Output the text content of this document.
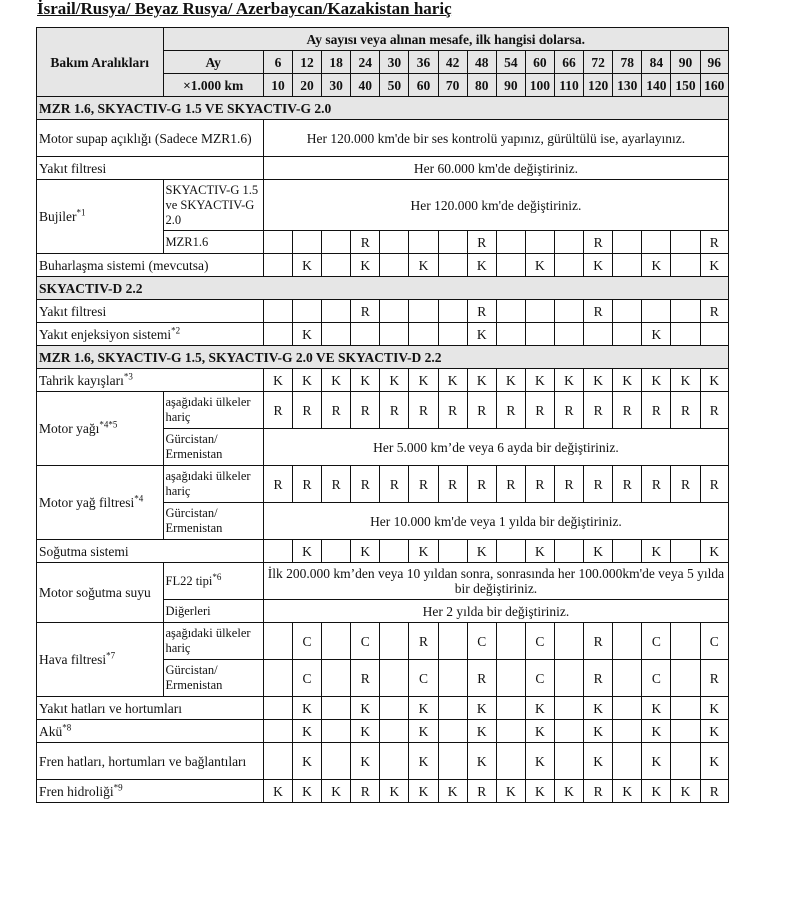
İsrail/Rusya/ Beyaz Rusya/ Azerbaycan/Kazakistan hariç
Bakım Aralıkları	Ay sayısı veya alınan mesafe, ilk hangisi dolarsa.																
	Ay	6	12	18	24	30	36	42	48	54	60	66	72	78	84	90	96
	×1.000 km	10	20	30	40	50	60	70	80	90	100	110	120	130	140	150	160
MZR 1.6, SKYACTIV-G 1.5 VE SKYACTIV-G 2.0																	
Motor supap açıklığı (Sadece MZR1.6)		Her 120.000 km'de bir ses kontrolü yapınız, gürültülü ise, ayarlayınız.															
Yakıt filtresi		Her 60.000 km'de değiştiriniz.															
Bujiler$^{*1}$	SKYACTIV-G 1.5 ve SKYACTIV-G 2.0	Her 120.000 km'de değiştiriniz.															
	MZR1.6				R				R				R				R
Buharlaşma sistemi (mevcutsa)			K		K		K		K		K		K		K		K
SKYACTIV-D 2.2																	
Yakıt filtresi					R				R				R				R
Yakıt enjeksiyon sistemi$^{*2}$			K						K						K		
MZR 1.6, SKYACTIV-G 1.5, SKYACTIV-G 2.0 VE SKYACTIV-D 2.2																	
Tahrik kayışları$^{*3}$		K	K	K	K	K	K	K	K	K	K	K	K	K	K	K	K
Motor yağı$^{*4*5}$	aşağıdaki ülkeler hariç	R	R	R	R	R	R	R	R	R	R	R	R	R	R	R	R
	Gürcistan/ Ermenistan	Her 5.000 km’de veya 6 ayda bir değiştiriniz.															
Motor yağ filtresi$^{*4}$	aşağıdaki ülkeler hariç	R	R	R	R	R	R	R	R	R	R	R	R	R	R	R	R
	Gürcistan/ Ermenistan	Her 10.000 km'de veya 1 yılda bir değiştiriniz.															
Soğutma sistemi			K		K		K		K		K		K		K		K
Motor soğutma suyu	FL22 tipi$^{*6}$	İlk 200.000 km’den veya 10 yıldan sonra, sonrasında her 100.000km'de veya 5 yılda bir değiştiriniz.															
	Diğerleri	Her 2 yılda bir değiştiriniz.															
Hava filtresi$^{*7}$	aşağıdaki ülkeler hariç		C		C		R		C		C		R		C		C
	Gürcistan/ Ermenistan		C		R		C		R		C		R		C		R
Yakıt hatları ve hortumları			K		K		K		K		K		K		K		K
Akü$^{*8}$			K		K		K		K		K		K		K		K
Fren hatları, hortumları ve bağlantıları			K		K		K		K		K		K		K		K
Fren hidroliği$^{*9}$		K	K	K	R	K	K	K	R	K	K	K	R	K	K	K	R
